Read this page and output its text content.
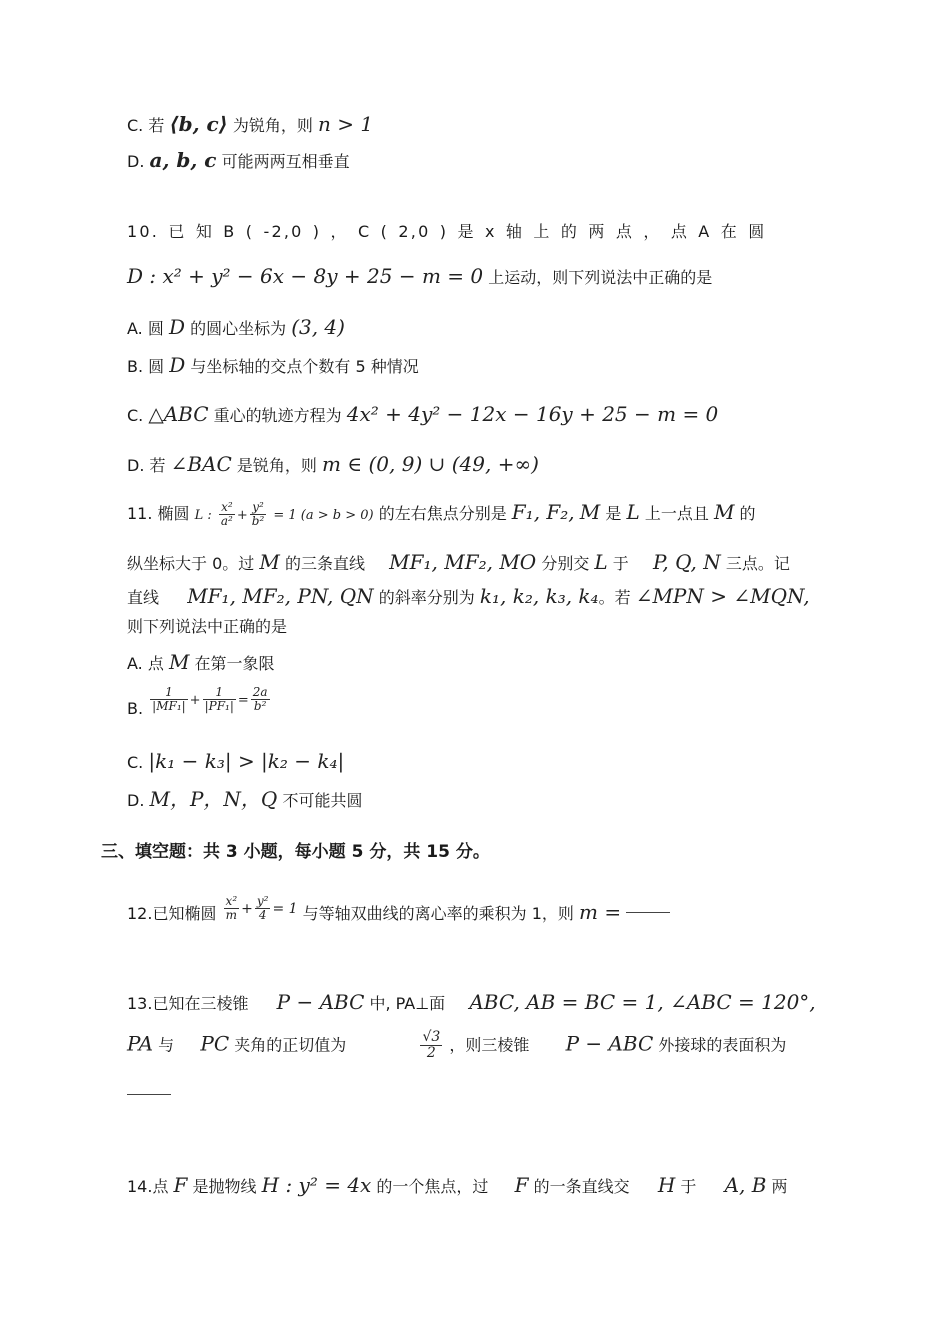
C. 若 ⟨b, c⟩ 为锐角，则 n > 1
D. a, b, c 可能两两互相垂直
10. 已 知 B ( -2,0 ) ， C ( 2,0 ) 是 x 轴 上 的 两 点 ， 点 A 在 圆
D : x² + y² − 6x − 8y + 25 − m = 0 上运动，则下列说法中正确的是
A. 圆 D 的圆心坐标为 (3, 4)
B. 圆 D 与坐标轴的交点个数有 5 种情况
C. △ABC 重心的轨迹方程为 4x² + 4y² − 12x − 16y + 25 − m = 0
D. 若 ∠BAC 是锐角，则 m ∈ (0, 9) ∪ (49, +∞)
11. 椭圆 L : $\frac{\text{x²}}{\text{a²}} + \frac{\text{y²}}{\text{b²}} = 1$ (a > b > 0) 的左右焦点分别是 F₁, F₂, M 是 L 上一点且 M 的
纵坐标大于 0。过 M 的三条直线 MF₁, MF₂, MO 分别交 L 于 P, Q, N 三点。记
直线 MF₁, MF₂, PN, QN 的斜率分别为 k₁, k₂, k₃, k₄。若 ∠MPN > ∠MQN,
则下列说法中正确的是
A. 点 M 在第一象限
B. $\frac{1}{\text{|MF₁|}} + \frac{1}{\text{|PF₁|}} = \frac{2a}{\text{b²}}$
C. |k₁ − k₃| > |k₂ − k₄|
D. M，P，N，Q 不可能共圆
三、填空题：共 3 小题，每小题 5 分，共 15 分。
12.已知椭圆 $\frac{\text{x²}}{m} + \frac{\text{y²}}{4} = 1$ 与等轴双曲线的离心率的乘积为 1，则 m =
13.已知在三棱锥 P − ABC 中, PA⊥面 ABC, AB = BC = 1, ∠ABC = 120°,
PA 与 PC 夹角的正切值为	$\frac{√3}{2}$ ，则三棱锥 P − ABC 外接球的表面积为
14.点 F 是抛物线 H : y² = 4x 的一个焦点，过 F 的一条直线交 H 于 A, B 两
